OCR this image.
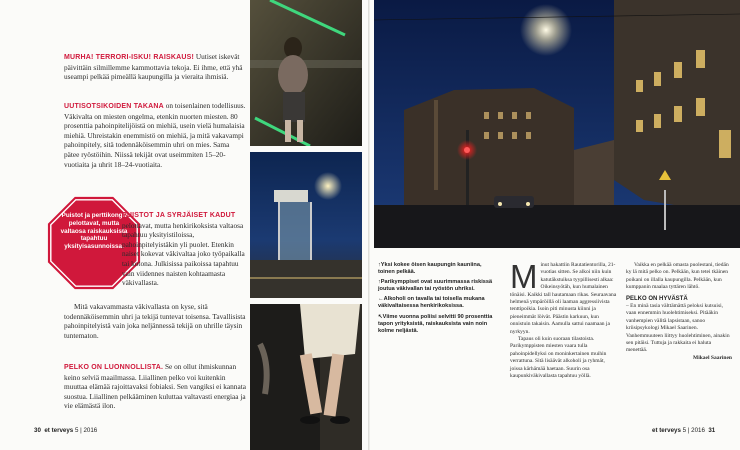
MURHA! TERRORI-ISKU! RAISKAUS! Uutiset iskevät päivittäin silmillemme kammottavia tekoja. Ei ihme, että yhä useampi pelkää pimeällä kaupungilla ja vieraita ihmisiä.

UUTISOTSIKOIDEN TAKANA on toisenlainen todellisuus. Väkivalta on miesten ongelma, etenkin nuorten miesten. 80 prosenttia pahoinpitelijöistä on miehiä, usein vielä humalaisia miehiä. Uhreistakin enemmistö on miehiä, ja mitä vakavampi pahoinpitely, sitä todennäköisemmin uhri on mies. Sama pätee ryöstöihin. Niissä tekijät ovat useimmiten 15–20-vuotiaita ja uhrit 18–24-vuotiaita.

Puistot ja perttikongit pelottavat, mutta valtaosa raiskauksista tapahtuu yksityisasunnoissa.

PUISTOT JA SYRJÄISET KADUT
pelottavat, mutta henkirikoksista valtaosa tapahtuu yksityistiloissa, pahoinpitelyistäkin yli puolet. Etenkin naiset kokevat väkivaltaa joko työpaikalla tai kotona. Julkisissa paikoissa tapahtuu vain viidennes naisten kohtaamasta väkivallasta.

Mitä vakavammasta väkivallasta on kyse, sitä todennäköisemmin uhri ja tekijä tuntevat toisensa. Tavallisista pahoinpitelyistä vain joka neljännessä tekijä on uhrille täysin tuntematon.

PELKO ON LUONNOLLISTA. Se on ollut ihmiskunnan keino selviä maailmassa. Liiallinen pelko voi kuitenkin muuttaa elämää rajoittavaksi fobiaksi. Sen vangiksi ei kannata suostua. Liiallinen pelkääminen kuluttaa valtavasti energiaa ja vie elämästä ilon.

30 et terveys 5 | 2016

↑Yksi kokee öisen kaupungin kauniina, toinen pelkää.

↑Parikymppiset ovat suurimmassa riskissä joutua väkivallan tai ryöstön uhriksi.

←Alkoholi on tavalla tai toisella mukana väkivaltaisessa henkirikoksissa.

↖Viime vuonna poliisi selvitti 90 prosenttia tapon yrityksistä, raiskauksista vain noin kolme neljästä.

Minut hakattiin Rautatientorilla, 21-vuotias sitten. Se alkoi niin kuin katutäkstuiksa tyypillisesti alkaa: Oikeinsyötäh, kun humalainen tönäisi. Kaikki tall hautamaan rikas. Seuraavana helmenä ympäröillä oli laaman aggressiivista tenttipoikia. Isoin piti minusta kiinni ja pieneimmät löivät. Päästin karkuun, kun onnistuin takaisin. Aamulla sattui naamaan ja nyrkyyn.

Tapaus oli kuin suoraan tilastoista. Parikymppisten miesten vaara tulla pahoinpidellyksi on moninkertainen muihin verrattuna. Sitä lisäävät alkoholi ja ryhmät, joissa kärhämää haetaan. Suurin osa kaupunkiväkivallasta tapahtuu yöllä.

Vaikka en pelkää omasta puolestani, tiedän ky lä mitä pelko on. Pelkään, kun tetei tkäinen poikani on illalla kaupungilla. Pelkään, kun kumppanin maalaa tyttären lähtö.

PELKO ON HYVÄSTÄ

– En minä tasia välttämättä peloksi kutsuisi, vaan ennemmin huolehtimiseksi. Pitääkin vanhempien välitä lapsistaan, sanoo kriisipsykologi Mikael Saarinen. Vanhemmuuteen liittyy huolehtiminen, ainakin sen pitäisi. Tuttuja ja rakkaita ei haluta menettää.

Mikael Saarinen

et terveys 5 | 2016 31
